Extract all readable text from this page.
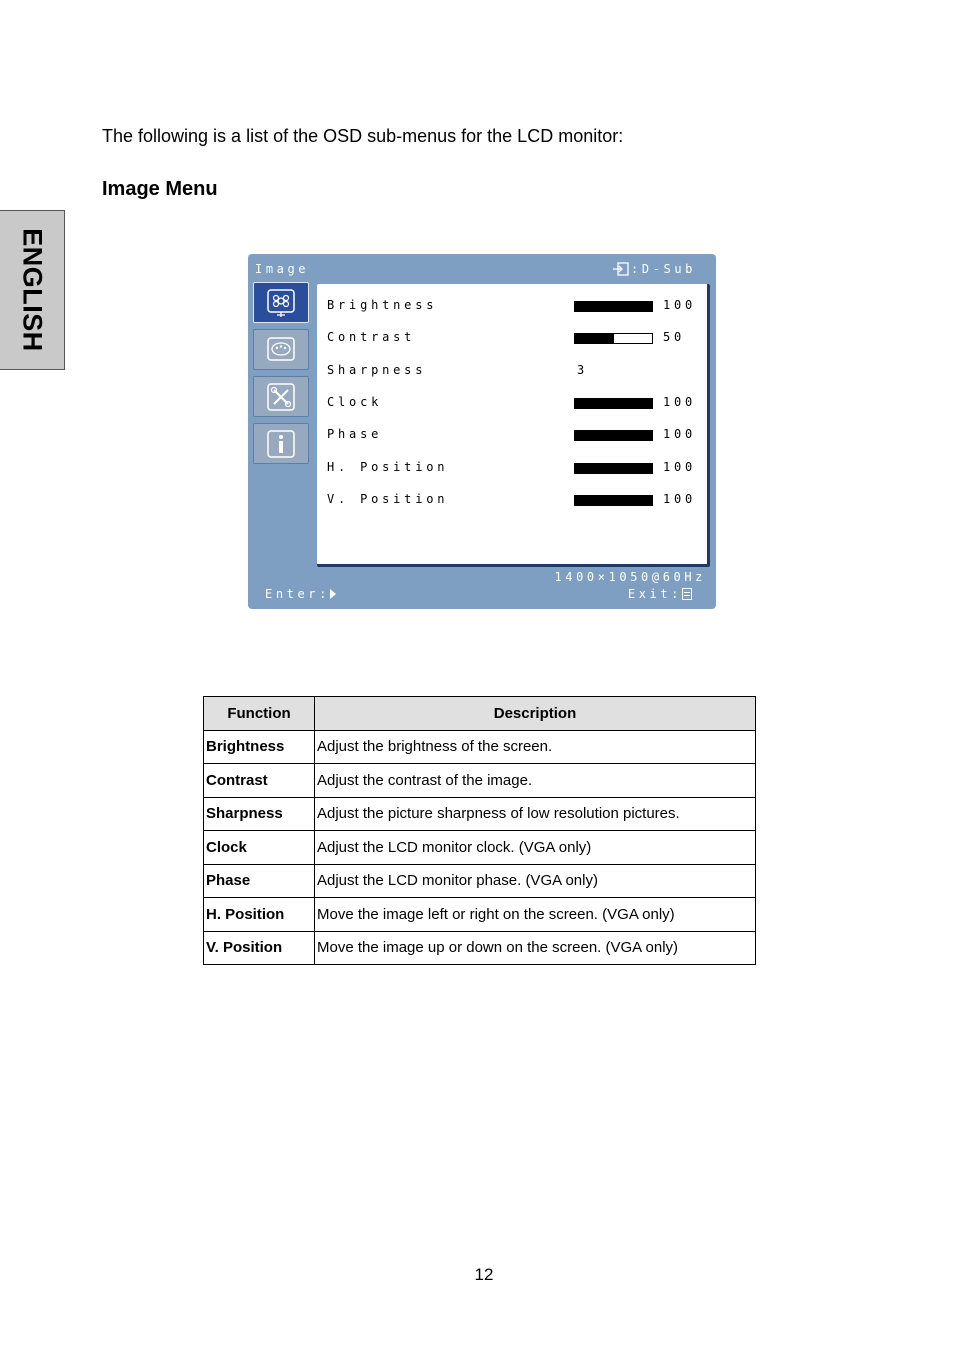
ENGLISH
The following is a list of the OSD sub-menus for the LCD monitor:
Image Menu
Image	:D-Sub
Brightness	100
Contrast	50
Sharpness	3
Clock	100
Phase	100
H. Position	100
V. Position	100
1400×1050@60Hz
Enter:	Exit:
Function	Description
Brightness	Adjust the brightness of the screen.
Contrast	Adjust the contrast of the image.
Sharpness	Adjust the picture sharpness of low resolution pictures.
Clock	Adjust the LCD monitor clock. (VGA only)
Phase	Adjust the LCD monitor phase. (VGA only)
H. Position	Move the image left or right on the screen. (VGA only)
V. Position	Move the image up or down on the screen. (VGA only)
12
